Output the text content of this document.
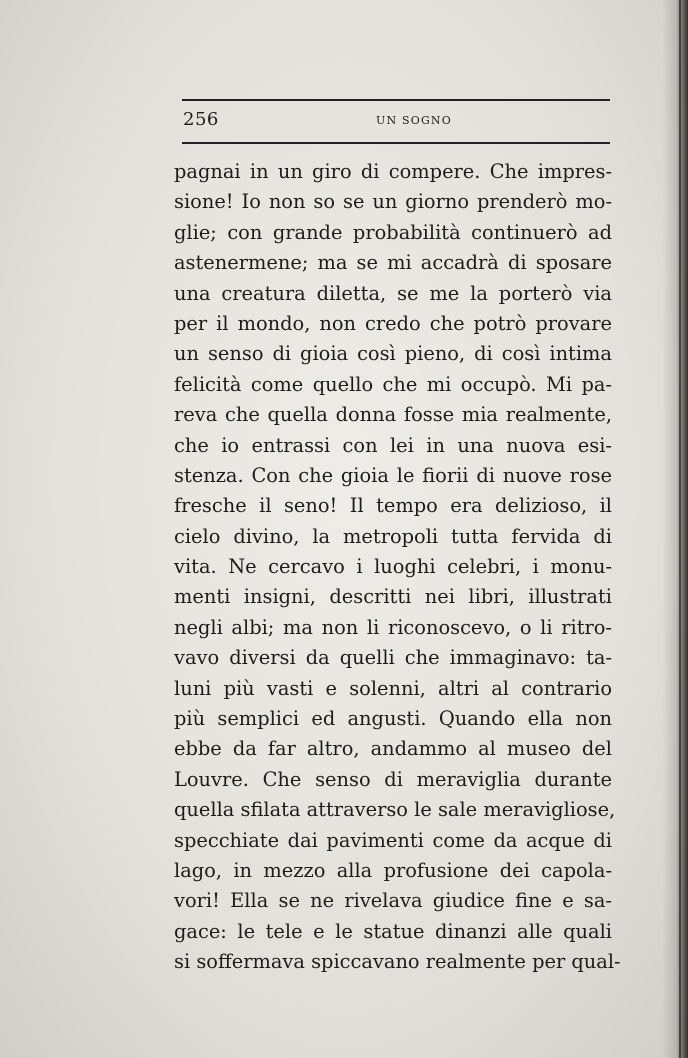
256	UN SOGNO
pagnai in un giro di compere. Che impres-
sione! Io non so se un giorno prenderò mo-
glie; con grande probabilità continuerò ad
astenermene; ma se mi accadrà di sposare
una creatura diletta, se me la porterò via
per il mondo, non credo che potrò provare
un senso di gioia così pieno, di così intima
felicità come quello che mi occupò. Mi pa-
reva che quella donna fosse mia realmente,
che io entrassi con lei in una nuova esi-
stenza. Con che gioia le fiorii di nuove rose
fresche il seno! Il tempo era delizioso, il
cielo divino, la metropoli tutta fervida di
vita. Ne cercavo i luoghi celebri, i monu-
menti insigni, descritti nei libri, illustrati
negli albi; ma non li riconoscevo, o li ritro-
vavo diversi da quelli che immaginavo: ta-
luni più vasti e solenni, altri al contrario
più semplici ed angusti. Quando ella non
ebbe da far altro, andammo al museo del
Louvre. Che senso di meraviglia durante
quella sfilata attraverso le sale meravigliose,
specchiate dai pavimenti come da acque di
lago, in mezzo alla profusione dei capola-
vori! Ella se ne rivelava giudice fine e sa-
gace: le tele e le statue dinanzi alle quali
si soffermava spiccavano realmente per qual-
